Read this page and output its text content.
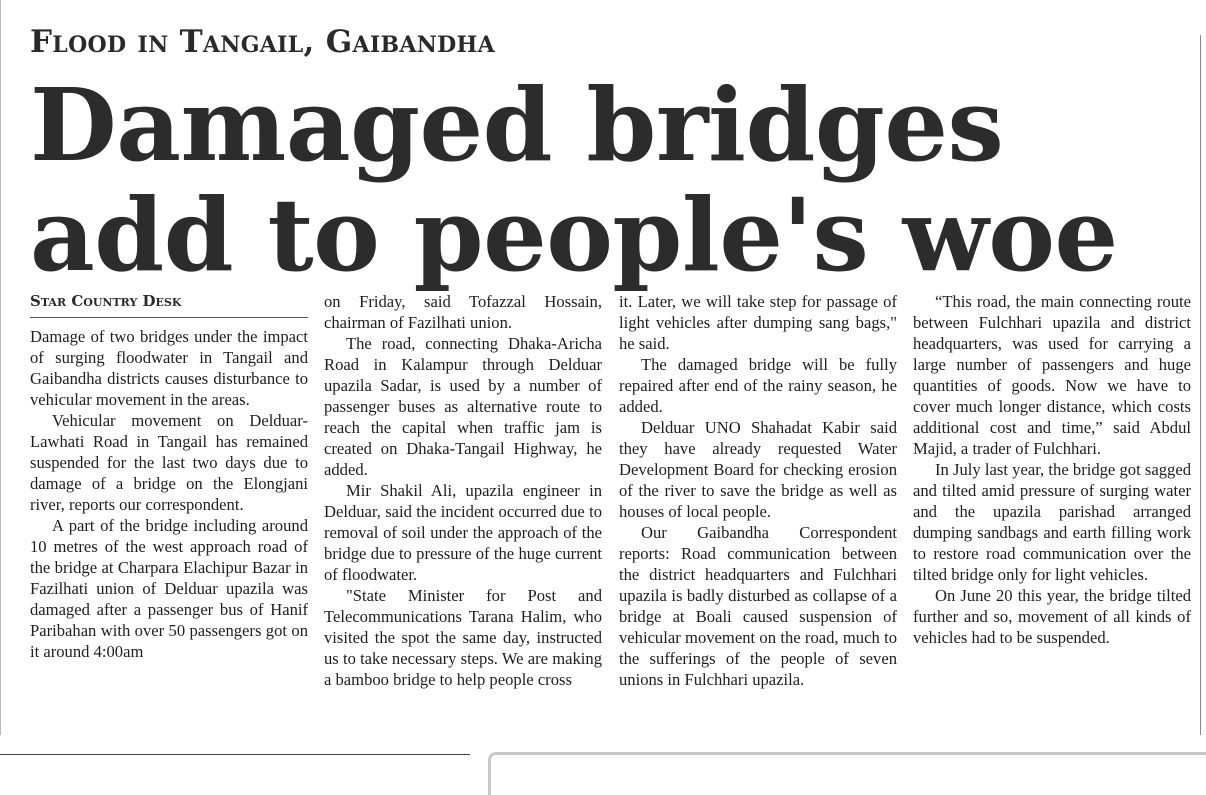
Flood in Tangail, Gaibandha
Damaged bridges add to people's woe
Star Country Desk

Damage of two bridges under the impact of surging floodwater in Tangail and Gaibandha districts causes disturbance to vehicular movement in the areas.

Vehicular movement on Delduar-Lawhati Road in Tangail has remained suspended for the last two days due to damage of a bridge on the Elongjani river, reports our correspondent.

A part of the bridge including around 10 metres of the west approach road of the bridge at Charpara Elachipur Bazar in Fazilhati union of Delduar upazila was damaged after a passenger bus of Hanif Paribahan with over 50 passengers got on it around 4:00am

on Friday, said Tofazzal Hossain, chairman of Fazilhati union.

The road, connecting Dhaka-Aricha Road in Kalampur through Delduar upazila Sadar, is used by a number of passenger buses as alternative route to reach the capital when traffic jam is created on Dhaka-Tangail Highway, he added.

Mir Shakil Ali, upazila engineer in Delduar, said the incident occurred due to removal of soil under the approach of the bridge due to pressure of the huge current of floodwater.

"State Minister for Post and Telecommunications Tarana Halim, who visited the spot the same day, instructed us to take necessary steps. We are making a bamboo bridge to help people cross

it. Later, we will take step for passage of light vehicles after dumping sang bags," he said.

The damaged bridge will be fully repaired after end of the rainy season, he added.

Delduar UNO Shahadat Kabir said they have already requested Water Development Board for checking erosion of the river to save the bridge as well as houses of local people.

Our Gaibandha Correspondent reports: Road communication between the district headquarters and Fulchhari upazila is badly disturbed as collapse of a bridge at Boali caused suspension of vehicular movement on the road, much to the sufferings of the people of seven unions in Fulchhari upazila.

“This road, the main connecting route between Fulchhari upazila and district headquarters, was used for carrying a large number of passengers and huge quantities of goods. Now we have to cover much longer distance, which costs additional cost and time,” said Abdul Majid, a trader of Fulchhari.

In July last year, the bridge got sagged and tilted amid pressure of surging water and the upazila parishad arranged dumping sandbags and earth filling work to restore road communication over the tilted bridge only for light vehicles.

On June 20 this year, the bridge tilted further and so, movement of all kinds of vehicles had to be suspended.
